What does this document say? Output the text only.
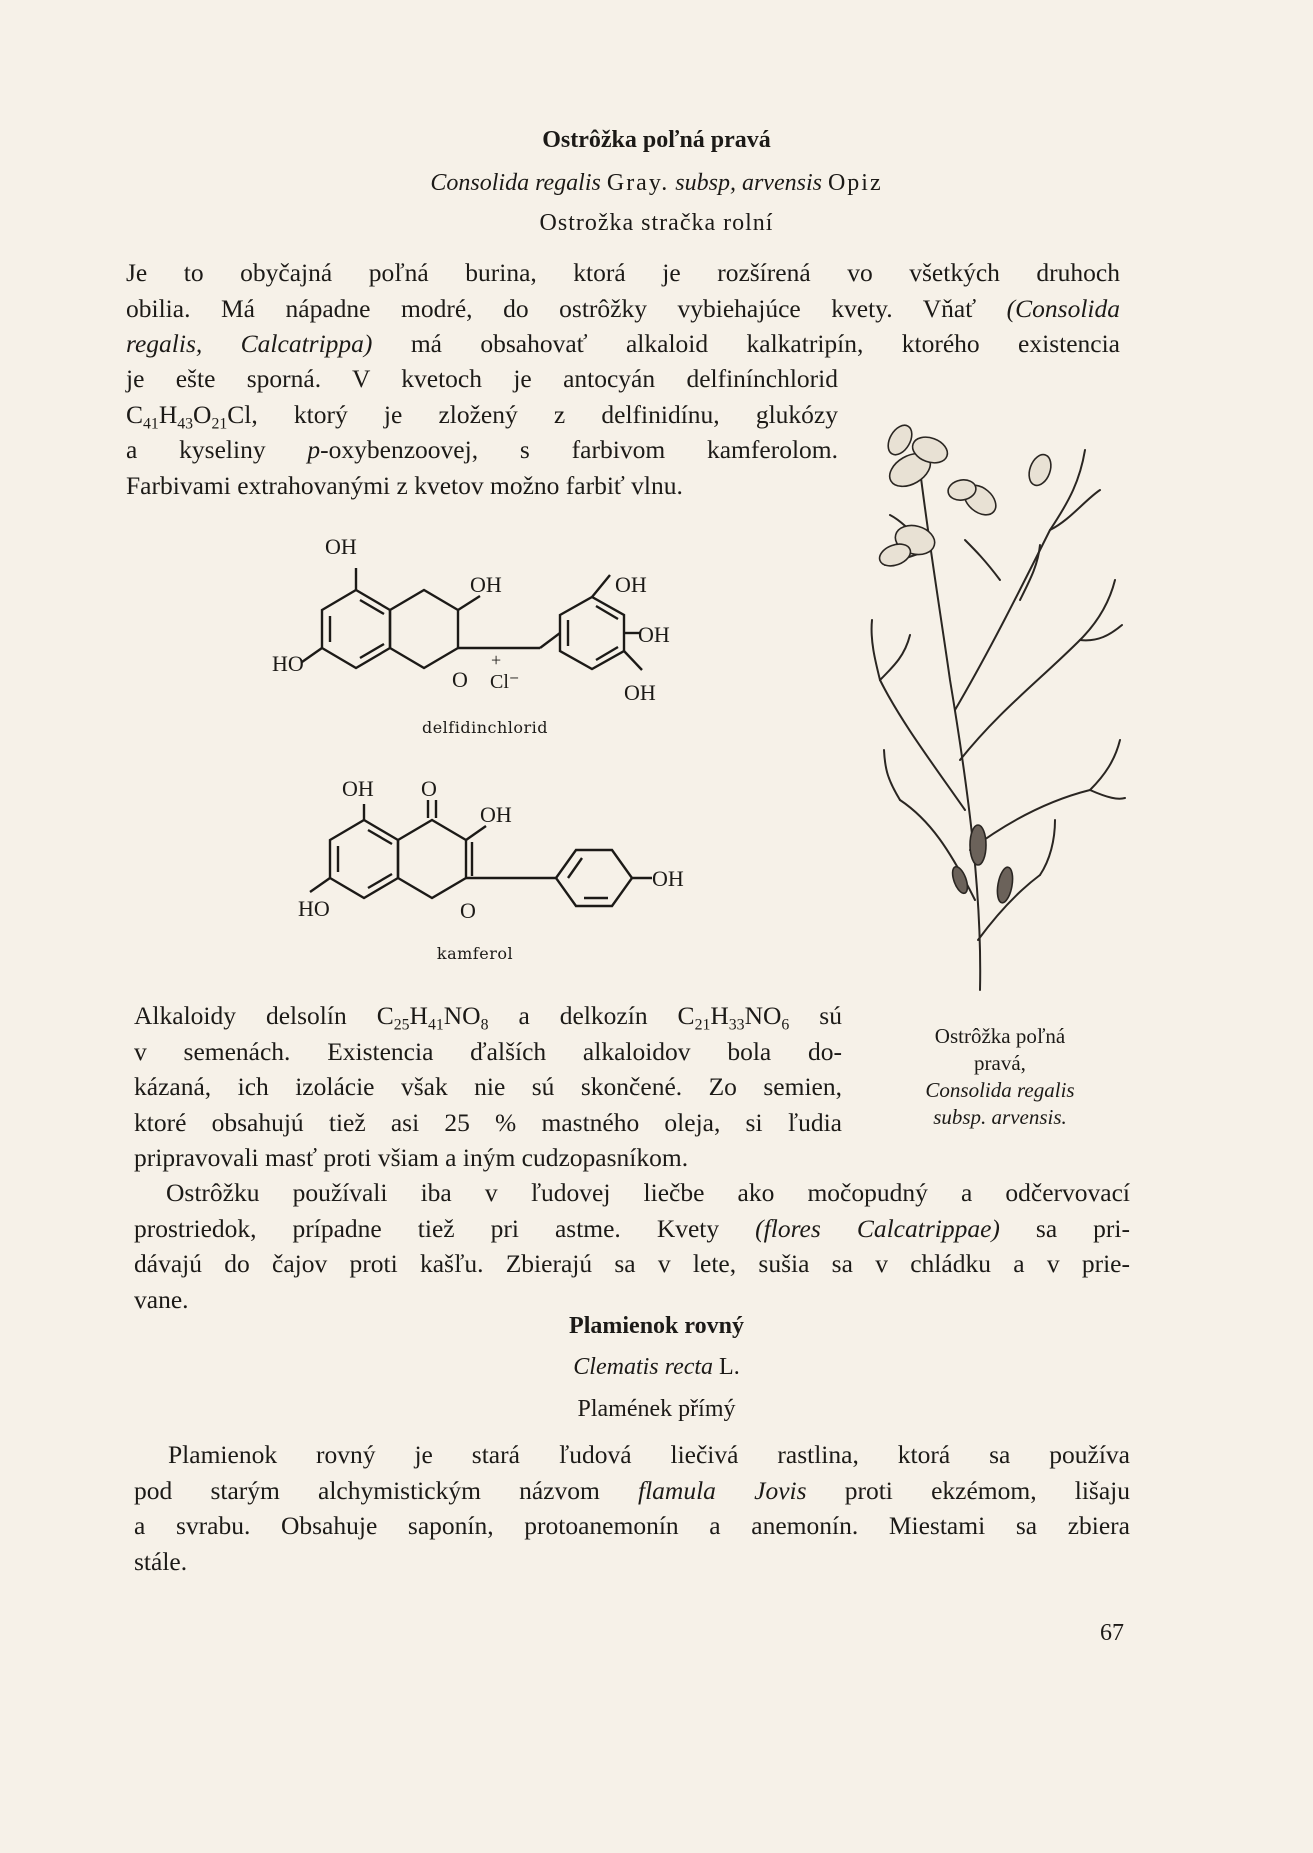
Ostrôžka poľná pravá
Consolida regalis Gray. subsp, arvensis Opiz
Ostrožka stračka rolní
Je to obyčajná poľná burina, ktorá je rozšírená vo všetkých druhoch
obilia. Má nápadne modré, do ostrôžky vybiehajúce kvety. Vňať (Consolida
regalis, Calcatrippa) má obsahovať alkaloid kalkatripín, ktorého existencia
je ešte sporná. V kvetoch je antocyán delfinínchlorid
$C_{41}H_{43}O_{21}Cl$, ktorý je zložený z delfinidínu, glukózy
a kyseliny p-oxybenzoovej, s farbivom kamferolom.
Farbivami extrahovanými z kvetov možno farbiť vlnu.
OH
OH	OH
OH
OH
HO
O
+
Cl⁻
delfidinchlorid
OH O
OH
OH
HO	O
kamferol
Ostrôžka poľná
pravá,
Consolida regalis
subsp. arvensis.
Alkaloidy delsolín $C_{25}H_{41}NO_8$ a delkozín $C_{21}H_{33}NO_6$ sú
v semenách. Existencia ďalších alkaloidov bola do-
kázaná, ich izolácie však nie sú skončené. Zo semien,
ktoré obsahujú tiež asi 25 % mastného oleja, si ľudia
pripravovali masť proti všiam a iným cudzopasníkom.
Ostrôžku používali iba v ľudovej liečbe ako močopudný a odčervovací
prostriedok, prípadne tiež pri astme. Kvety (flores Calcatrippae) sa pri-
dávajú do čajov proti kašľu. Zbierajú sa v lete, sušia sa v chládku a v prie-
vane.
Plamienok rovný
Clematis recta L.
Plamének přímý
Plamienok rovný je stará ľudová liečivá rastlina, ktorá sa používa
pod starým alchymistickým názvom flamula Jovis proti ekzémom, lišaju
a svrabu. Obsahuje saponín, protoanemonín a anemonín. Miestami sa zbiera
stále.
67
